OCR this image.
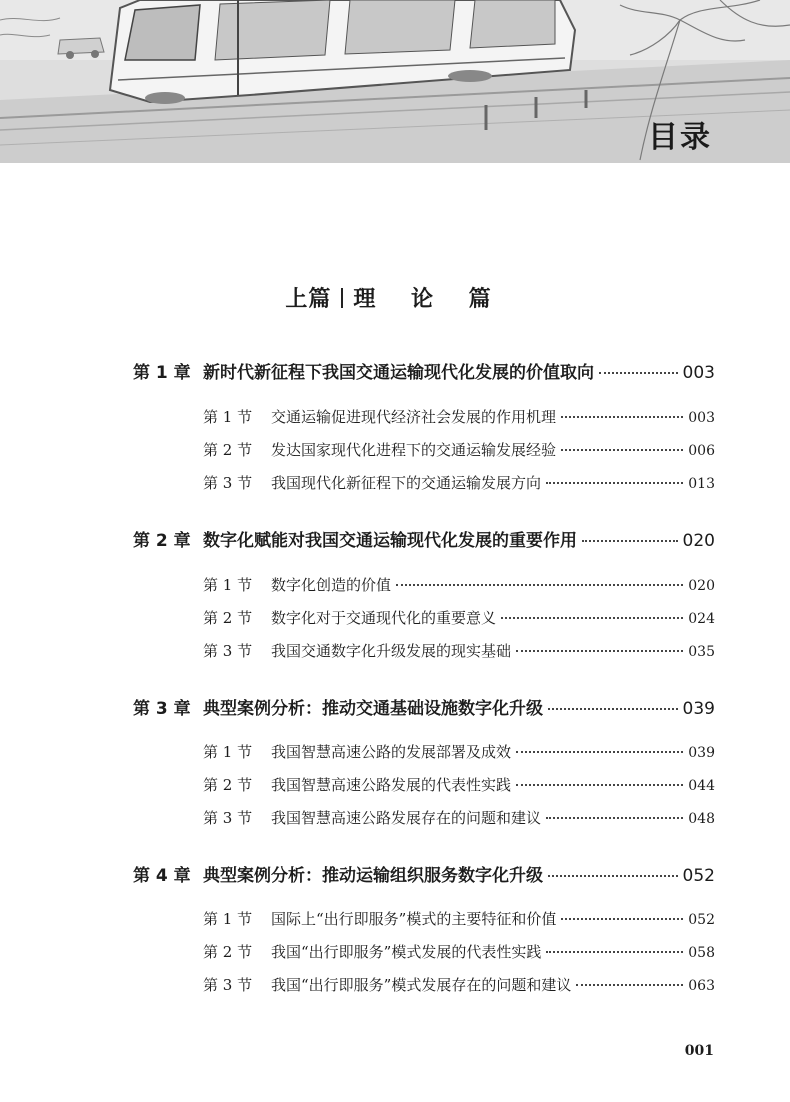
目录
上篇 理 论 篇
第 1 章 新时代新征程下我国交通运输现代化发展的价值取向	003
第 1 节	交通运输促进现代经济社会发展的作用机理	003
第 2 节	发达国家现代化进程下的交通运输发展经验	006
第 3 节	我国现代化新征程下的交通运输发展方向	013
第 2 章 数字化赋能对我国交通运输现代化发展的重要作用	020
第 1 节	数字化创造的价值	020
第 2 节	数字化对于交通现代化的重要意义	024
第 3 节	我国交通数字化升级发展的现实基础	035
第 3 章 典型案例分析：推动交通基础设施数字化升级	039
第 1 节	我国智慧高速公路的发展部署及成效	039
第 2 节	我国智慧高速公路发展的代表性实践	044
第 3 节	我国智慧高速公路发展存在的问题和建议	048
第 4 章 典型案例分析：推动运输组织服务数字化升级	052
第 1 节	国际上“出行即服务”模式的主要特征和价值	052
第 2 节	我国“出行即服务”模式发展的代表性实践	058
第 3 节	我国“出行即服务”模式发展存在的问题和建议	063
001
